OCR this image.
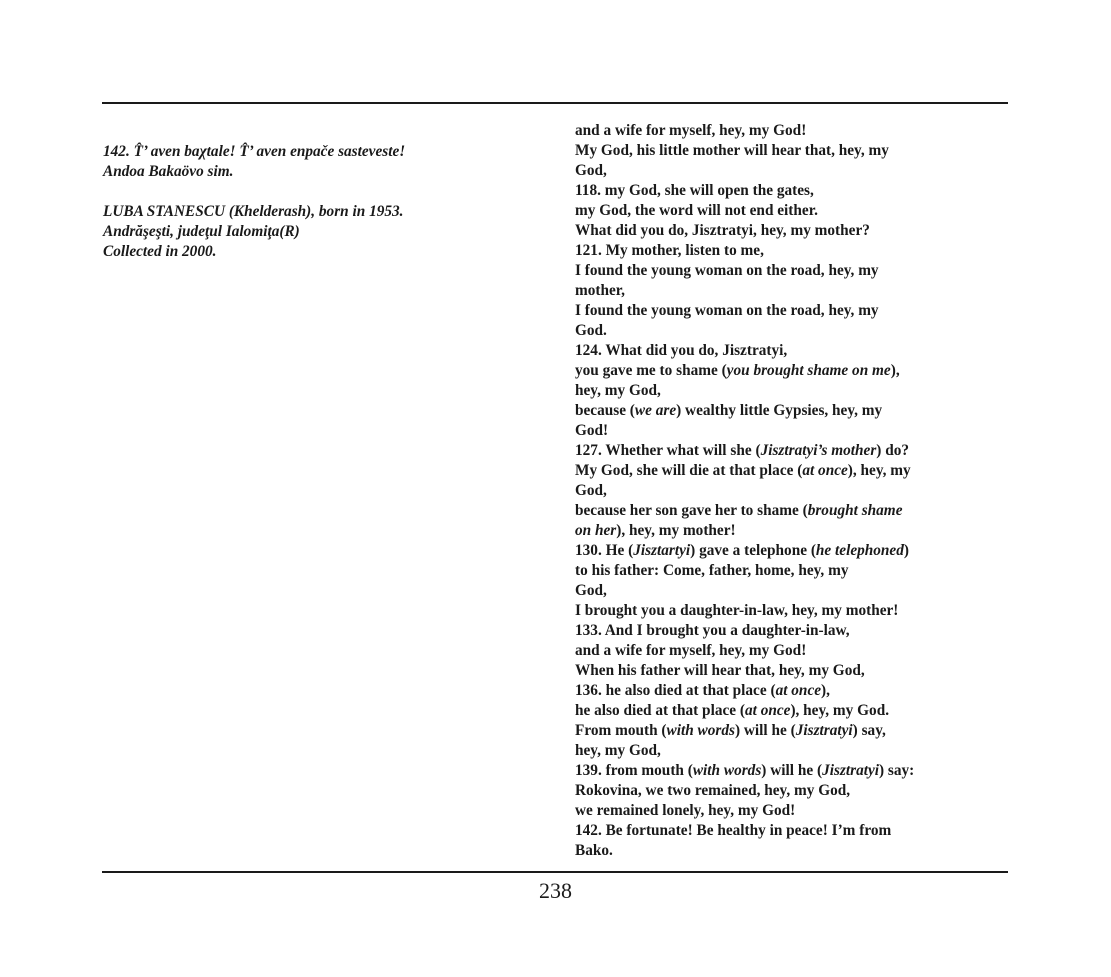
142. T̂’ aven baχtale! T̂’ aven enpače sasteveste!
Andoa Bakaövo sim.
LUBA STANESCU (Khelderash), born in 1953.
Andrăşeşti, judeţul Ialomiţa(R)
Collected in 2000.
and a wife for myself, hey, my God!
My God, his little mother will hear that, hey, my
God,
118. my God, she will open the gates,
my God, the word will not end either.
What did you do, Jisztratyi, hey, my mother?
121. My mother, listen to me,
I found the young woman on the road, hey, my
mother,
I found the young woman on the road, hey, my
God.
124. What did you do, Jisztratyi,
you gave me to shame (you brought shame on me),
hey, my God,
because (we are) wealthy little Gypsies, hey, my
God!
127. Whether what will she (Jisztratyi’s mother) do?
My God, she will die at that place (at once), hey, my
God,
because her son gave her to shame (brought shame
on her), hey, my mother!
130. He (Jisztartyi) gave a telephone (he telephoned)
to his father: Come, father, home, hey, my
God,
I brought you a daughter-in-law, hey, my mother!
133. And I brought you a daughter-in-law,
and a wife for myself, hey, my God!
When his father will hear that, hey, my God,
136. he also died at that place (at once),
he also died at that place (at once), hey, my God.
From mouth (with words) will he (Jisztratyi) say,
hey, my God,
139. from mouth (with words) will he (Jisztratyi) say:
Rokovina, we two remained, hey, my God,
we remained lonely, hey, my God!
142. Be fortunate! Be healthy in peace! I’m from
Bako.
238
